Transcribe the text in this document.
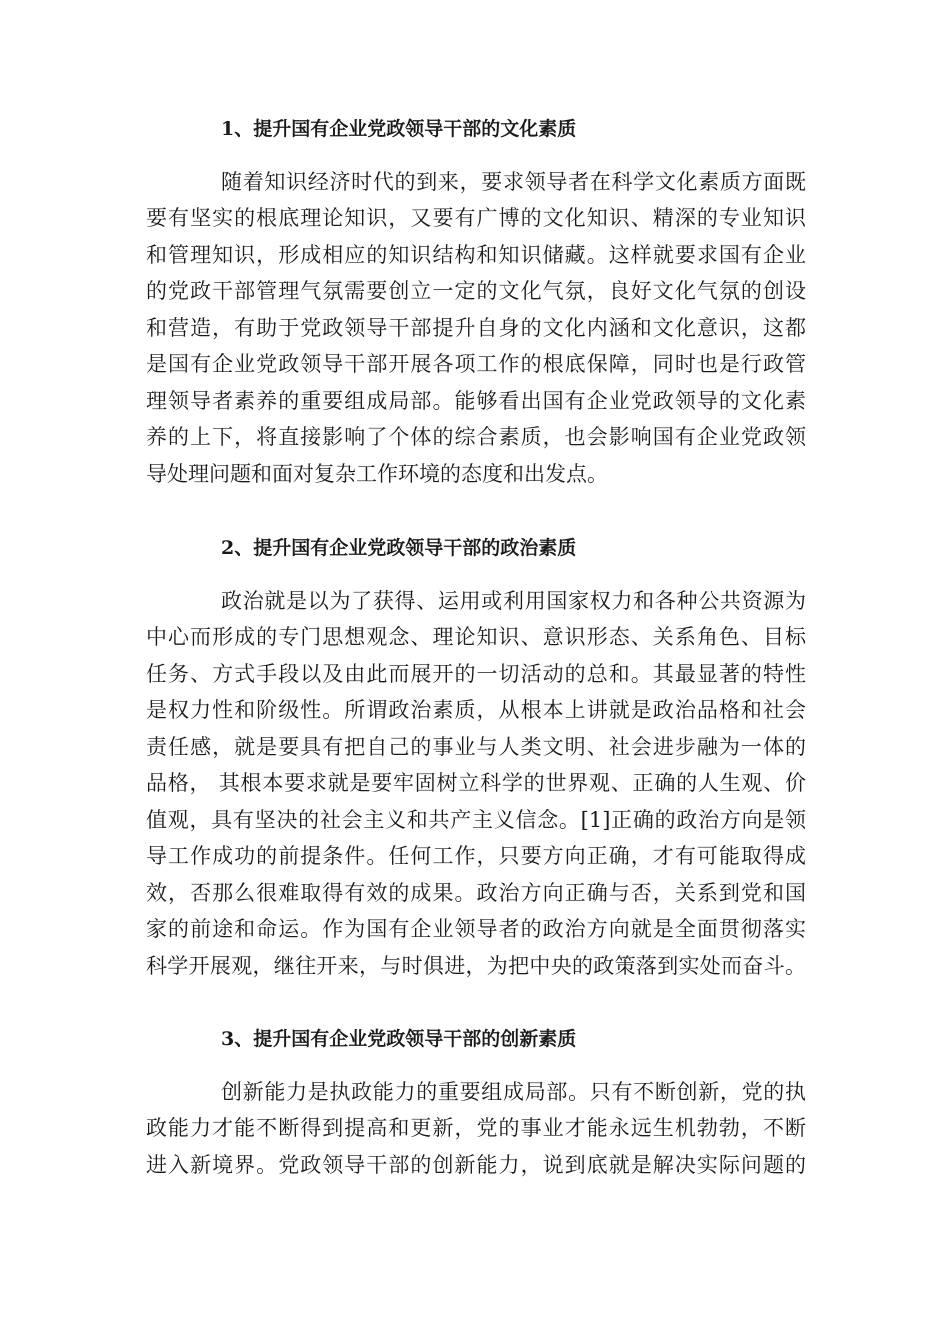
1、提升国有企业党政领导干部的文化素质

随着知识经济时代的到来，要求领导者在科学文化素质方面既

要有坚实的根底理论知识，又要有广博的文化知识、精深的专业知识

和管理知识，形成相应的知识结构和知识储藏。这样就要求国有企业

的党政干部管理气氛需要创立一定的文化气氛，良好文化气氛的创设

和营造，有助于党政领导干部提升自身的文化内涵和文化意识，这都

是国有企业党政领导干部开展各项工作的根底保障，同时也是行政管

理领导者素养的重要组成局部。能够看出国有企业党政领导的文化素

养的上下，将直接影响了个体的综合素质，也会影响国有企业党政领

导处理问题和面对复杂工作环境的态度和出发点。

2、提升国有企业党政领导干部的政治素质

政治就是以为了获得、运用或利用国家权力和各种公共资源为

中心而形成的专门思想观念、理论知识、意识形态、关系角色、目标

任务、方式手段以及由此而展开的一切活动的总和。其最显著的特性

是权力性和阶级性。所谓政治素质，从根本上讲就是政治品格和社会

责任感，就是要具有把自己的事业与人类文明、社会进步融为一体的

品格， 其根本要求就是要牢固树立科学的世界观、正确的人生观、价

值观，具有坚决的社会主义和共产主义信念。[1]正确的政治方向是领

导工作成功的前提条件。任何工作，只要方向正确，才有可能取得成

效，否那么很难取得有效的成果。政治方向正确与否，关系到党和国

家的前途和命运。作为国有企业领导者的政治方向就是全面贯彻落实

科学开展观，继往开来，与时俱进，为把中央的政策落到实处而奋斗。

3、提升国有企业党政领导干部的创新素质

创新能力是执政能力的重要组成局部。只有不断创新，党的执

政能力才能不断得到提高和更新，党的事业才能永远生机勃勃，不断

进入新境界。党政领导干部的创新能力，说到底就是解决实际问题的
